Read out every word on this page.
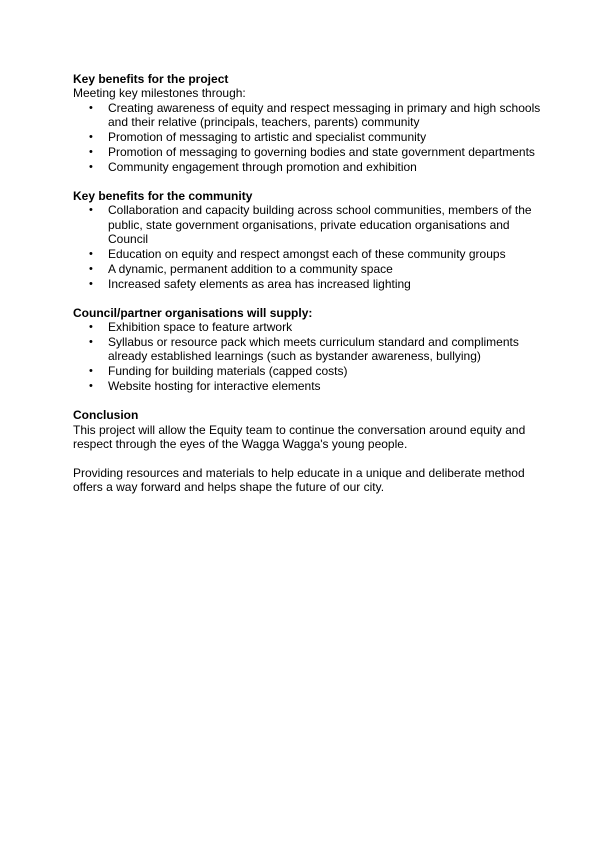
Key benefits for the project

Meeting key milestones through:

• Creating awareness of equity and respect messaging in primary and high schools and their relative (principals, teachers, parents) community
• Promotion of messaging to artistic and specialist community
• Promotion of messaging to governing bodies and state government departments
• Community engagement through promotion and exhibition

Key benefits for the community

• Collaboration and capacity building across school communities, members of the public, state government organisations, private education organisations and Council
• Education on equity and respect amongst each of these community groups
• A dynamic, permanent addition to a community space
• Increased safety elements as area has increased lighting

Council/partner organisations will supply:

• Exhibition space to feature artwork
• Syllabus or resource pack which meets curriculum standard and compliments already established learnings (such as bystander awareness, bullying)
• Funding for building materials (capped costs)
• Website hosting for interactive elements

Conclusion

This project will allow the Equity team to continue the conversation around equity and respect through the eyes of the Wagga Wagga's young people.

Providing resources and materials to help educate in a unique and deliberate method offers a way forward and helps shape the future of our city.
